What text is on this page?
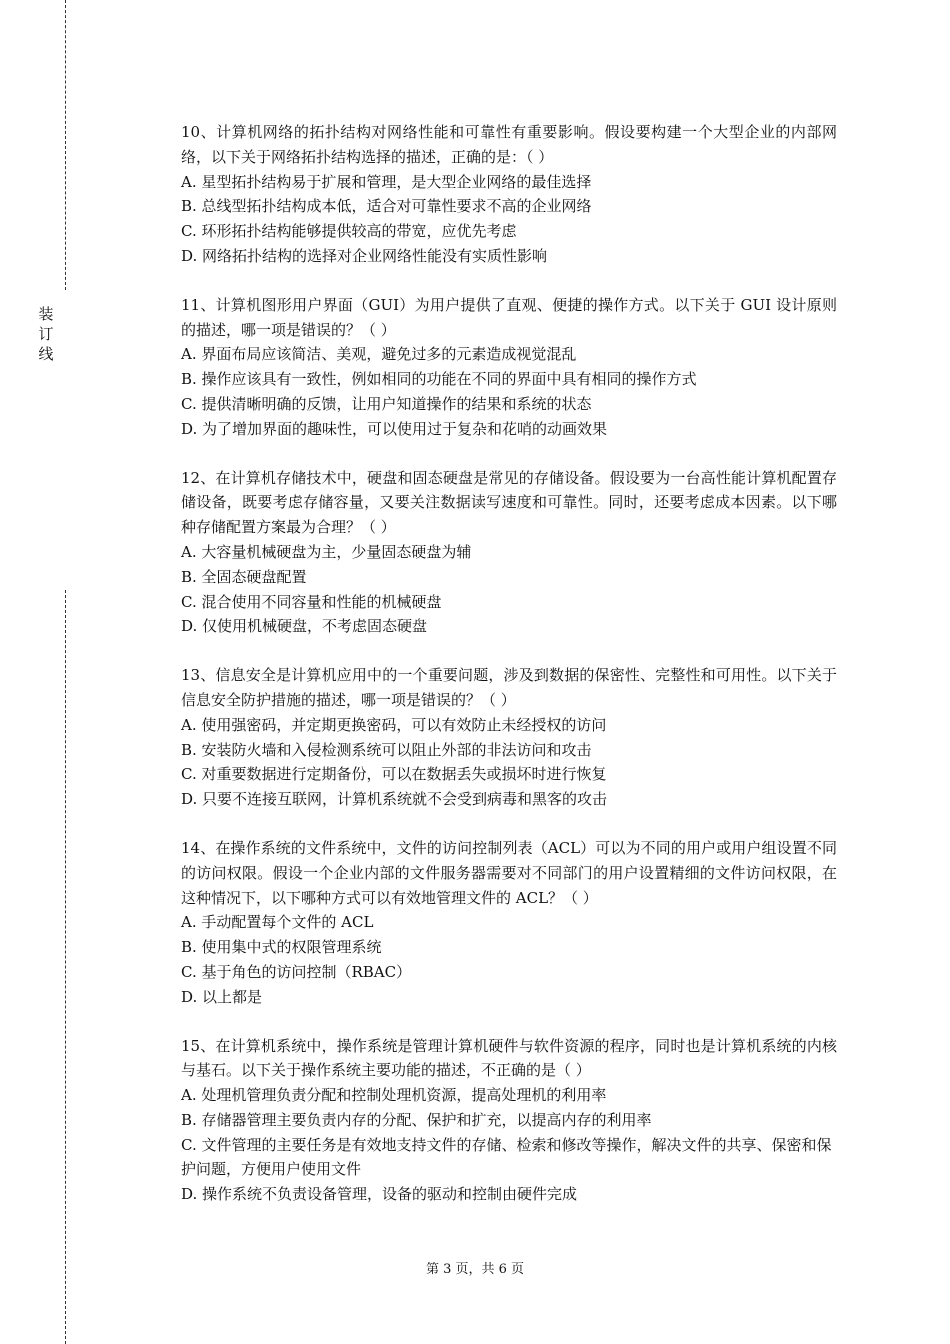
装
订
线

10、计算机网络的拓扑结构对网络性能和可靠性有重要影响。假设要构建一个大型企业的内部网络，以下关于网络拓扑结构选择的描述，正确的是：（ ）

A. 星型拓扑结构易于扩展和管理，是大型企业网络的最佳选择

B. 总线型拓扑结构成本低，适合对可靠性要求不高的企业网络

C. 环形拓扑结构能够提供较高的带宽，应优先考虑

D. 网络拓扑结构的选择对企业网络性能没有实质性影响

11、计算机图形用户界面（GUI）为用户提供了直观、便捷的操作方式。以下关于 GUI 设计原则的描述，哪一项是错误的？（ ）

A. 界面布局应该简洁、美观，避免过多的元素造成视觉混乱

B. 操作应该具有一致性，例如相同的功能在不同的界面中具有相同的操作方式

C. 提供清晰明确的反馈，让用户知道操作的结果和系统的状态

D. 为了增加界面的趣味性，可以使用过于复杂和花哨的动画效果

12、在计算机存储技术中，硬盘和固态硬盘是常见的存储设备。假设要为一台高性能计算机配置存储设备，既要考虑存储容量，又要关注数据读写速度和可靠性。同时，还要考虑成本因素。以下哪种存储配置方案最为合理？（ ）

A. 大容量机械硬盘为主，少量固态硬盘为辅

B. 全固态硬盘配置

C. 混合使用不同容量和性能的机械硬盘

D. 仅使用机械硬盘，不考虑固态硬盘

13、信息安全是计算机应用中的一个重要问题，涉及到数据的保密性、完整性和可用性。以下关于信息安全防护措施的描述，哪一项是错误的？（ ）

A. 使用强密码，并定期更换密码，可以有效防止未经授权的访问

B. 安装防火墙和入侵检测系统可以阻止外部的非法访问和攻击

C. 对重要数据进行定期备份，可以在数据丢失或损坏时进行恢复

D. 只要不连接互联网，计算机系统就不会受到病毒和黑客的攻击

14、在操作系统的文件系统中，文件的访问控制列表（ACL）可以为不同的用户或用户组设置不同的访问权限。假设一个企业内部的文件服务器需要对不同部门的用户设置精细的文件访问权限，在这种情况下，以下哪种方式可以有效地管理文件的 ACL？（ ）

A. 手动配置每个文件的 ACL

B. 使用集中式的权限管理系统

C. 基于角色的访问控制（RBAC）

D. 以上都是

15、在计算机系统中，操作系统是管理计算机硬件与软件资源的程序，同时也是计算机系统的内核与基石。以下关于操作系统主要功能的描述，不正确的是（ ）

A. 处理机管理负责分配和控制处理机资源，提高处理机的利用率

B. 存储器管理主要负责内存的分配、保护和扩充，以提高内存的利用率

C. 文件管理的主要任务是有效地支持文件的存储、检索和修改等操作，解决文件的共享、保密和保护问题，方便用户使用文件

D. 操作系统不负责设备管理，设备的驱动和控制由硬件完成

第 3 页，共 6 页
